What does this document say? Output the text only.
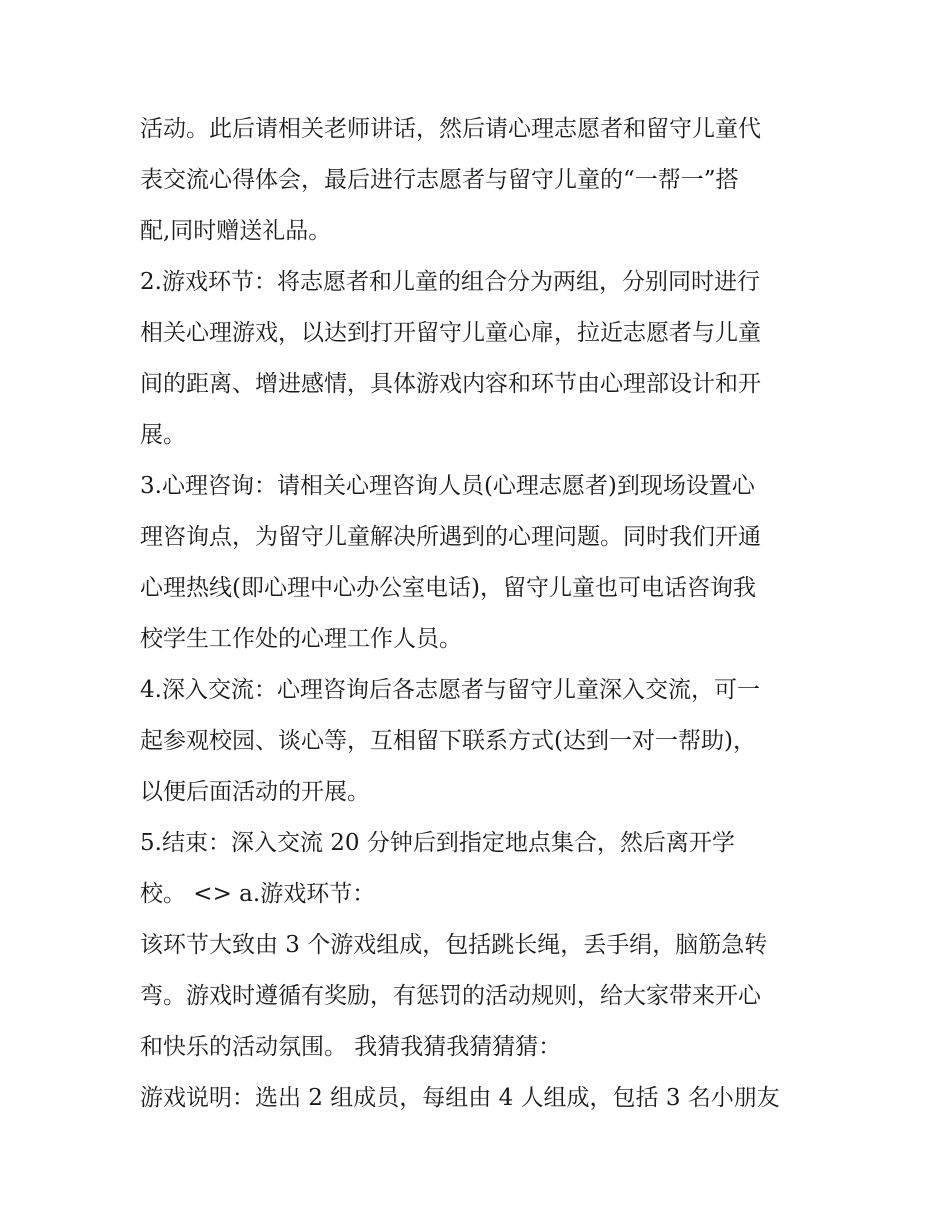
活动。此后请相关老师讲话，然后请心理志愿者和留守儿童代
表交流心得体会，最后进行志愿者与留守儿童的“一帮一”搭
配,同时赠送礼品。
2.游戏环节：将志愿者和儿童的组合分为两组，分别同时进行
相关心理游戏，以达到打开留守儿童心扉，拉近志愿者与儿童
间的距离、增进感情，具体游戏内容和环节由心理部设计和开
展。
3.心理咨询：请相关心理咨询人员(心理志愿者)到现场设置心
理咨询点，为留守儿童解决所遇到的心理问题。同时我们开通
心理热线(即心理中心办公室电话)，留守儿童也可电话咨询我
校学生工作处的心理工作人员。
4.深入交流：心理咨询后各志愿者与留守儿童深入交流，可一
起参观校园、谈心等，互相留下联系方式(达到一对一帮助)，
以便后面活动的开展。
5.结束：深入交流 20 分钟后到指定地点集合，然后离开学
校。 <> a.游戏环节：
该环节大致由 3 个游戏组成，包括跳长绳，丢手绢，脑筋急转
弯。游戏时遵循有奖励，有惩罚的活动规则，给大家带来开心
和快乐的活动氛围。 我猜我猜我猜猜猜：
游戏说明：选出 2 组成员，每组由 4 人组成，包括 3 名小朋友
